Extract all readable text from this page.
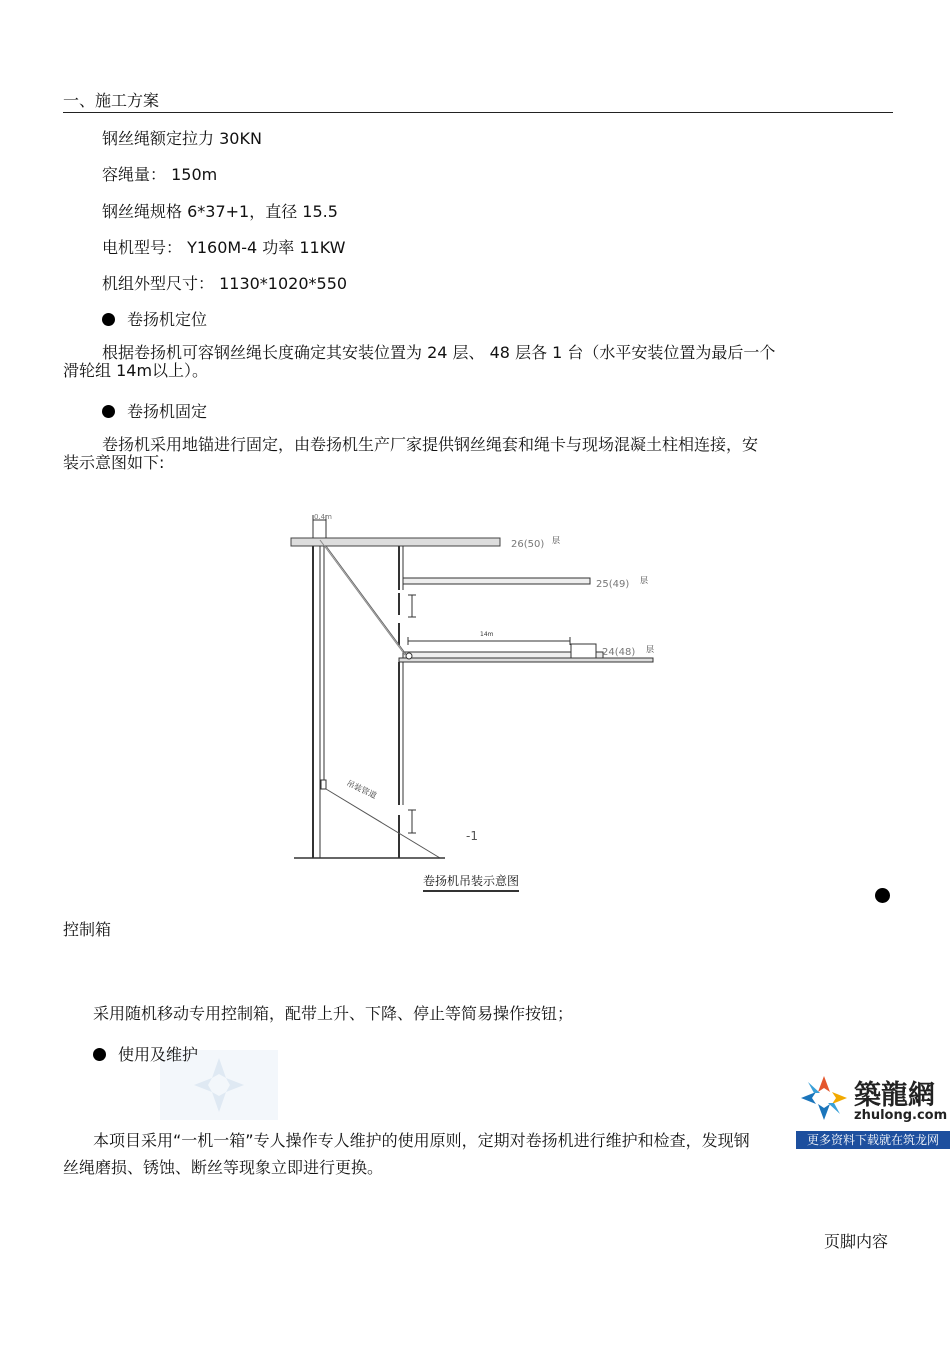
一、施工方案
钢丝绳额定拉力 30KN
容绳量： 150m
钢丝绳规格 6*37+1，直径 15.5
电机型号： Y160M-4 功率 11KW
机组外型尺寸： 1130*1020*550
卷扬机定位
根据卷扬机可容钢丝绳长度确定其安装位置为 24 层、 48 层各 1 台（水平安装位置为最后一个
滑轮组 14m以上）。
卷扬机固定
卷扬机采用地锚进行固定，由卷扬机生产厂家提供钢丝绳套和绳卡与现场混凝土柱相连接，安
装示意图如下:
0.4m
26(50) 层
25(49) 层
24(48) 层
14m
吊装管道
-1
卷扬机吊装示意图
控制箱
采用随机移动专用控制箱，配带上升、下降、停止等简易操作按钮；
使用及维护
本项目采用“一机一箱”专人操作专人维护的使用原则，定期对卷扬机进行维护和检查，发现钢
丝绳磨损、锈蚀、断丝等现象立即进行更换。
築龍網
zhulong.com
更多资料下载就在筑龙网
页脚内容
